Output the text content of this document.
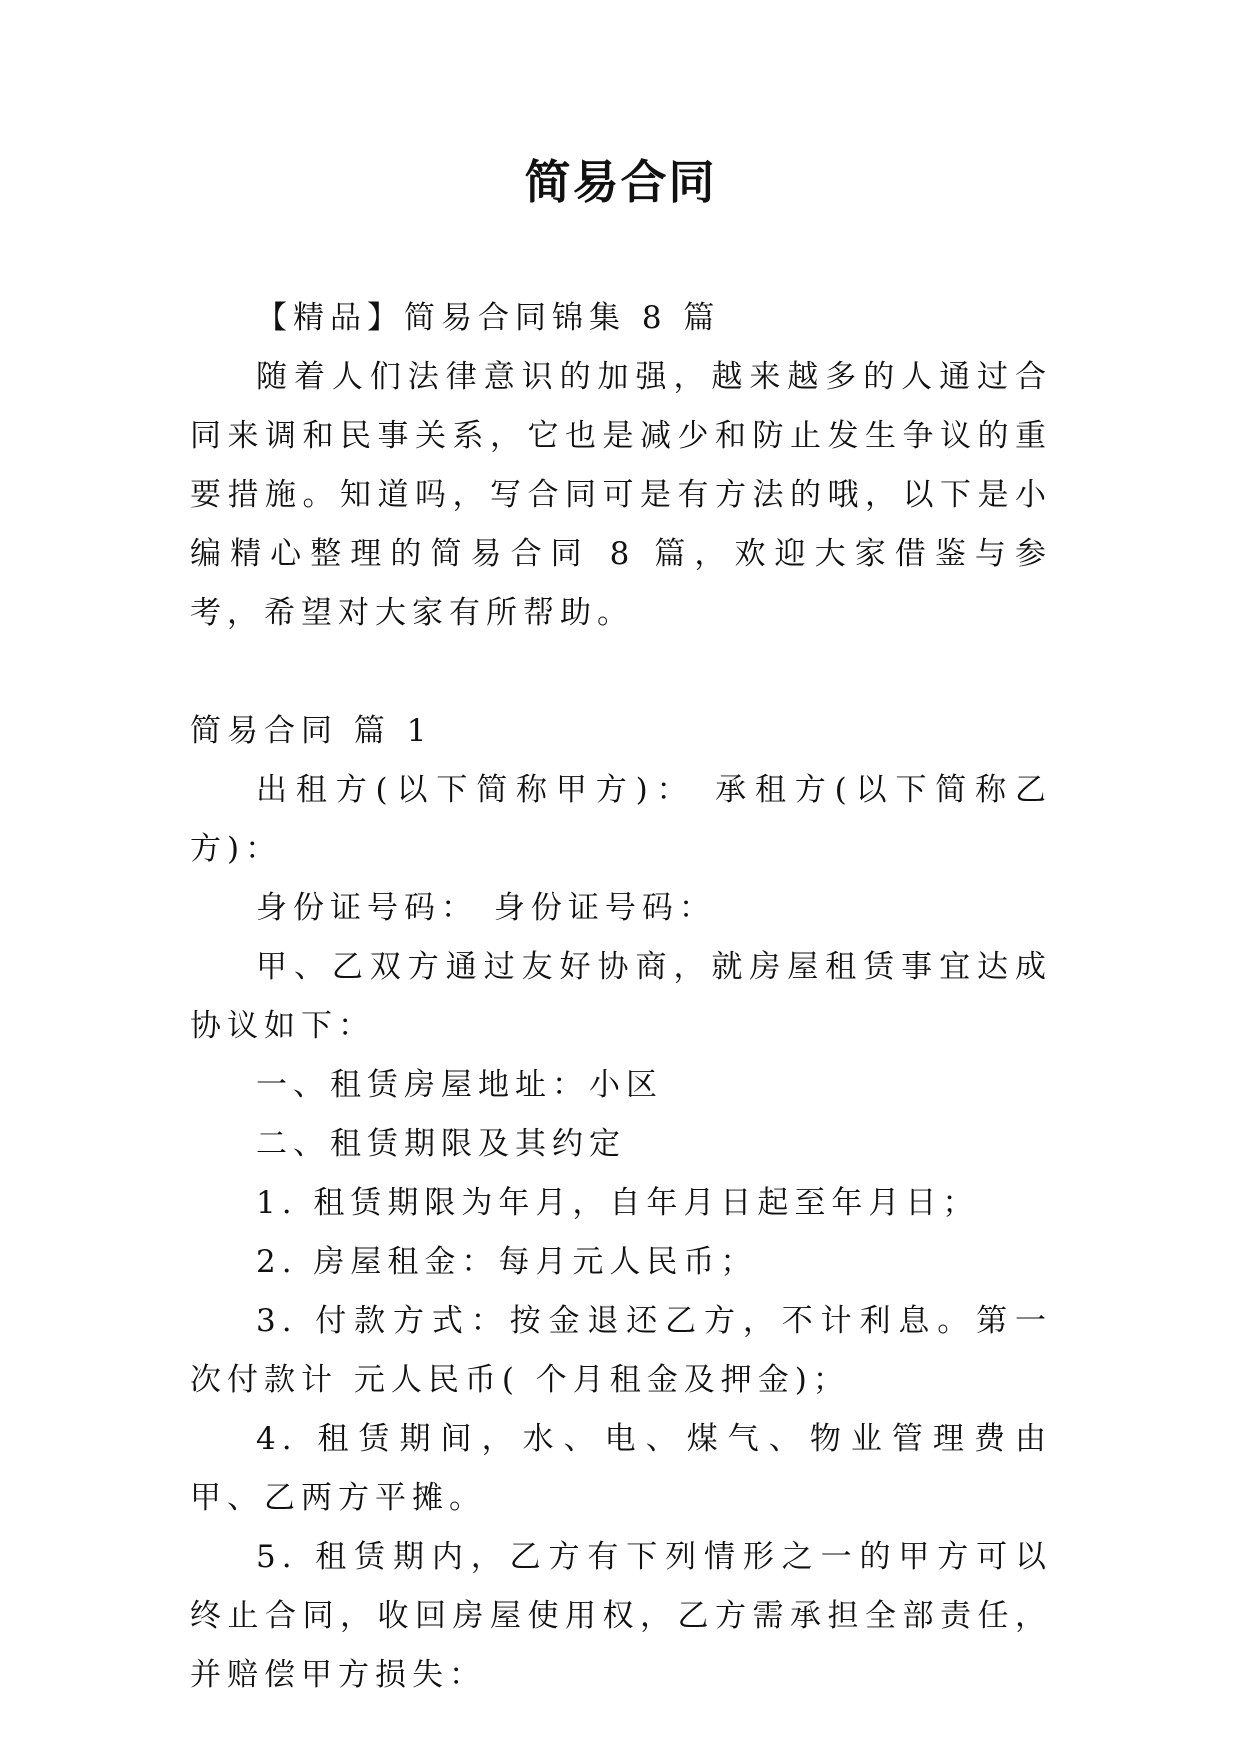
简易合同

【精品】简易合同锦集 8 篇

随着人们法律意识的加强，越来越多的人通过合同来调和民事关系，它也是减少和防止发生争议的重要措施。知道吗，写合同可是有方法的哦，以下是小编精心整理的简易合同 8 篇，欢迎大家借鉴与参考，希望对大家有所帮助。

简易合同 篇 1

出租方(以下简称甲方)： 承租方(以下简称乙方)：

身份证号码： 身份证号码：

甲、乙双方通过友好协商，就房屋租赁事宜达成协议如下：

一、租赁房屋地址：小区

二、租赁期限及其约定

1. 租赁期限为年月，自年月日起至年月日；

2. 房屋租金：每月元人民币；

3. 付款方式：按金退还乙方，不计利息。第一次付款计 元人民币( 个月租金及押金)；

4. 租赁期间，水、电、煤气、物业管理费由甲、乙两方平摊。

5. 租赁期内，乙方有下列情形之一的甲方可以终止合同，收回房屋使用权，乙方需承担全部责任，并赔偿甲方损失：
